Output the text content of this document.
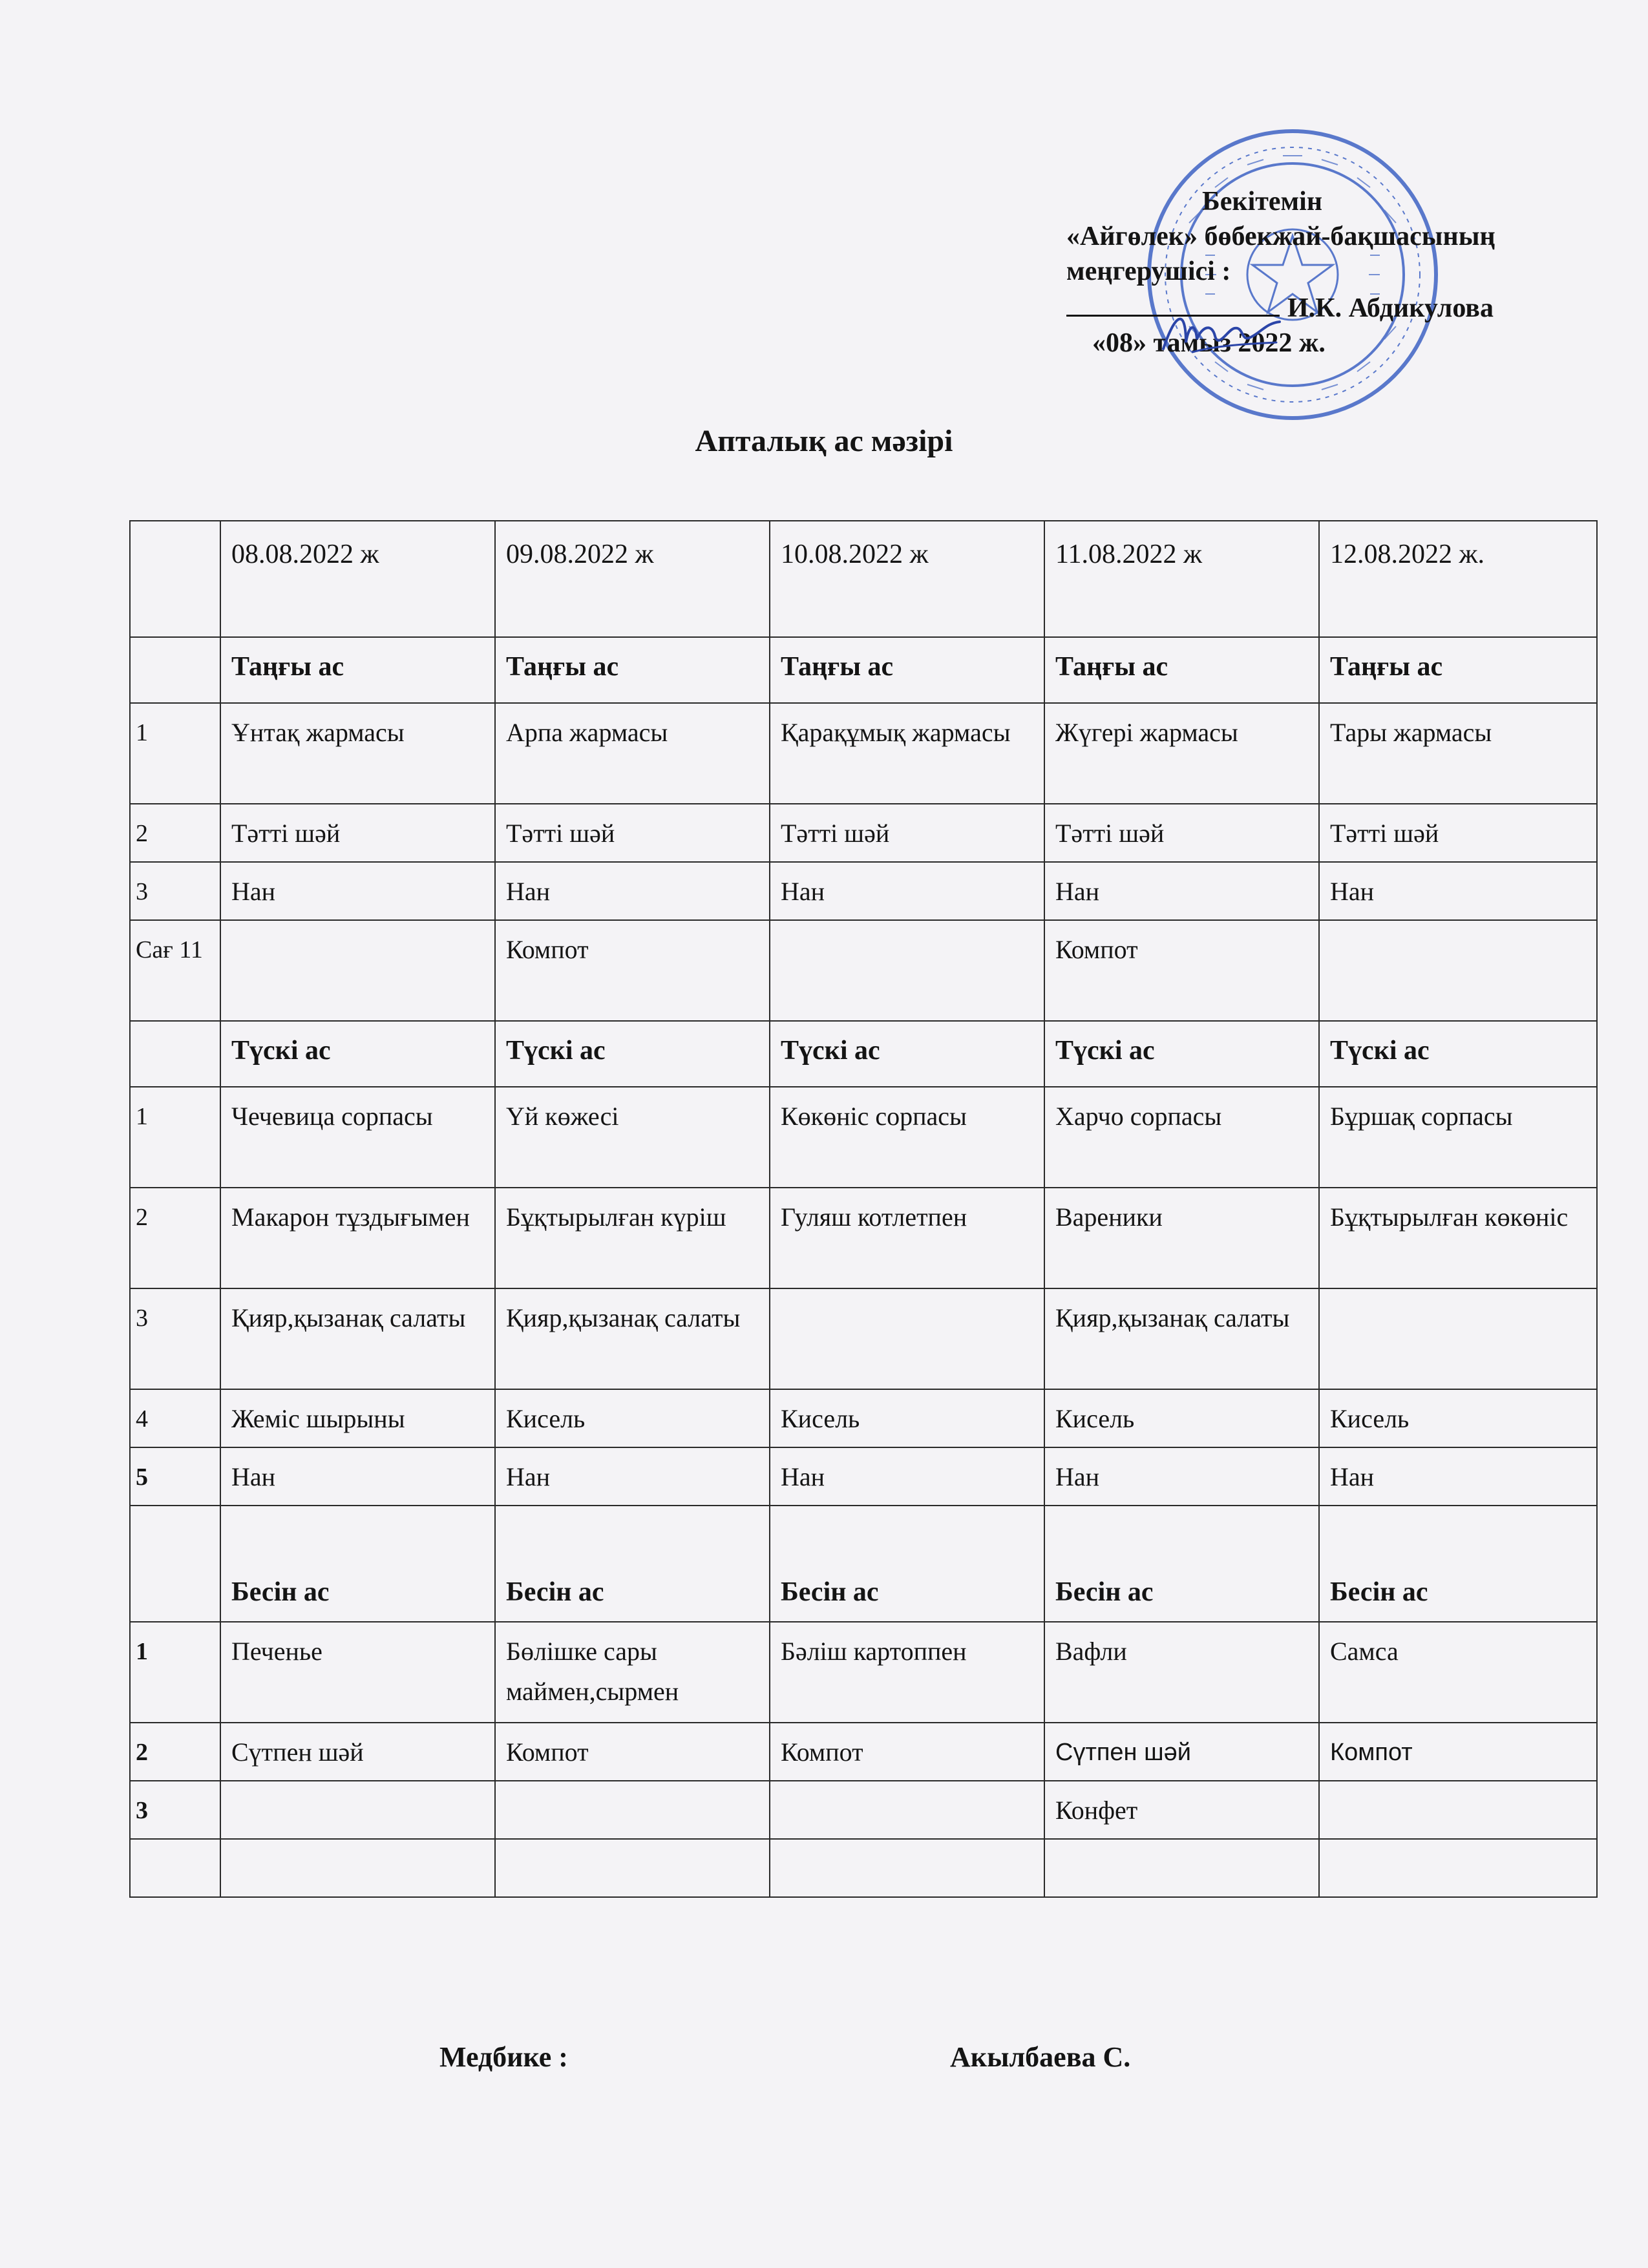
Бекітемін
«Айгөлек» бөбекжай-бақшасының
меңгерушісі :
И.К. Абдикулова
«08» тамыз 2022 ж.
Апталық ас мәзірі
	08.08.2022 ж	09.08.2022 ж	10.08.2022 ж	11.08.2022 ж	12.08.2022 ж.
	Таңғы ас	Таңғы ас	Таңғы ас	Таңғы ас	Таңғы ас
1	Ұнтақ жармасы	Арпа жармасы	Қарақұмық жармасы	Жүгері жармасы	Тары жармасы
2	Тәтті шәй	Тәтті шәй	Тәтті шәй	Тәтті шәй	Тәтті шәй
3	Нан	Нан	Нан	Нан	Нан
Сағ 11		Компот		Компот	
	Түскі ас	Түскі ас	Түскі ас	Түскі ас	Түскі ас
1	Чечевица сорпасы	Үй көжесі	Көкөніс сорпасы	Харчо сорпасы	Бұршақ сорпасы
2	Макарон тұздығымен	Бұқтырылған күріш	Гуляш котлетпен	Вареники	Бұқтырылған көкөніс
3	Қияр,қызанақ салаты	Қияр,қызанақ салаты		Қияр,қызанақ салаты	
4	Жеміс шырыны	Кисель	Кисель	Кисель	Кисель
5	Нан	Нан	Нан	Нан	Нан
	Бесін ас	Бесін ас	Бесін ас	Бесін ас	Бесін ас
1	Печенье	Бөлішке сары маймен,сырмен	Бәліш картоппен	Вафли	Самса
2	Сүтпен шәй	Компот	Компот	Сүтпен шәй	Компот
3				Конфет	

Медбике :	Акылбаева С.
